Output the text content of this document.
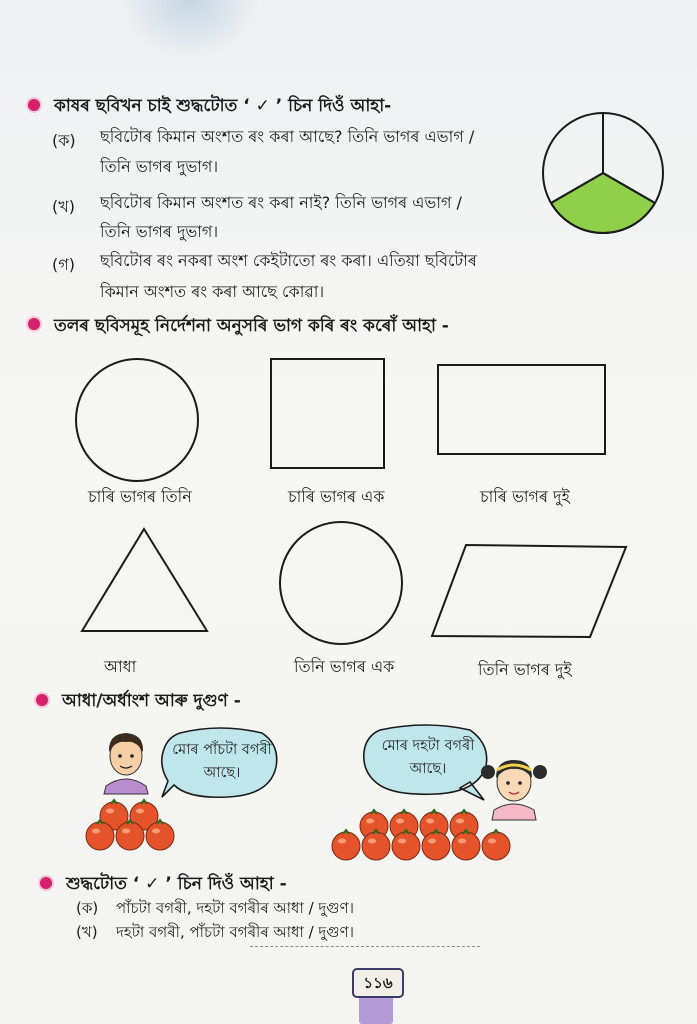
কাষৰ ছবিখন চাই শুদ্ধটোত ‘ ✓ ’ চিন দিওঁ আহা-
(ক) ছবিটোৰ কিমান অংশত ৰং কৰা আছে? তিনি ভাগৰ এভাগ /
তিনি ভাগৰ দুভাগ।
(খ) ছবিটোৰ কিমান অংশত ৰং কৰা নাই? তিনি ভাগৰ এভাগ /
তিনি ভাগৰ দুভাগ।
(গ) ছবিটোৰ ৰং নকৰা অংশ কেইটাতো ৰং কৰা। এতিয়া ছবিটোৰ
কিমান অংশত ৰং কৰা আছে কোৱা।
তলৰ ছবিসমূহ নিৰ্দেশনা অনুসৰি ভাগ কৰি ৰং কৰোঁ আহা -
চাৰি ভাগৰ তিনি	চাৰি ভাগৰ এক	চাৰি ভাগৰ দুই
আধা	তিনি ভাগৰ এক	তিনি ভাগৰ দুই
আধা/অৰ্ধাংশ আৰু দুগুণ -
মোৰ পাঁচটা বগৰী আছে।
মোৰ দহটা বগৰী আছে।
শুদ্ধটোত ‘ ✓ ’ চিন দিওঁ আহা -
(ক) পাঁচটা বগৰী, দহটা বগৰীৰ আধা / দুগুণ।
(খ) দহটা বগৰী, পাঁচটা বগৰীৰ আধা / দুগুণ।
১১৬
